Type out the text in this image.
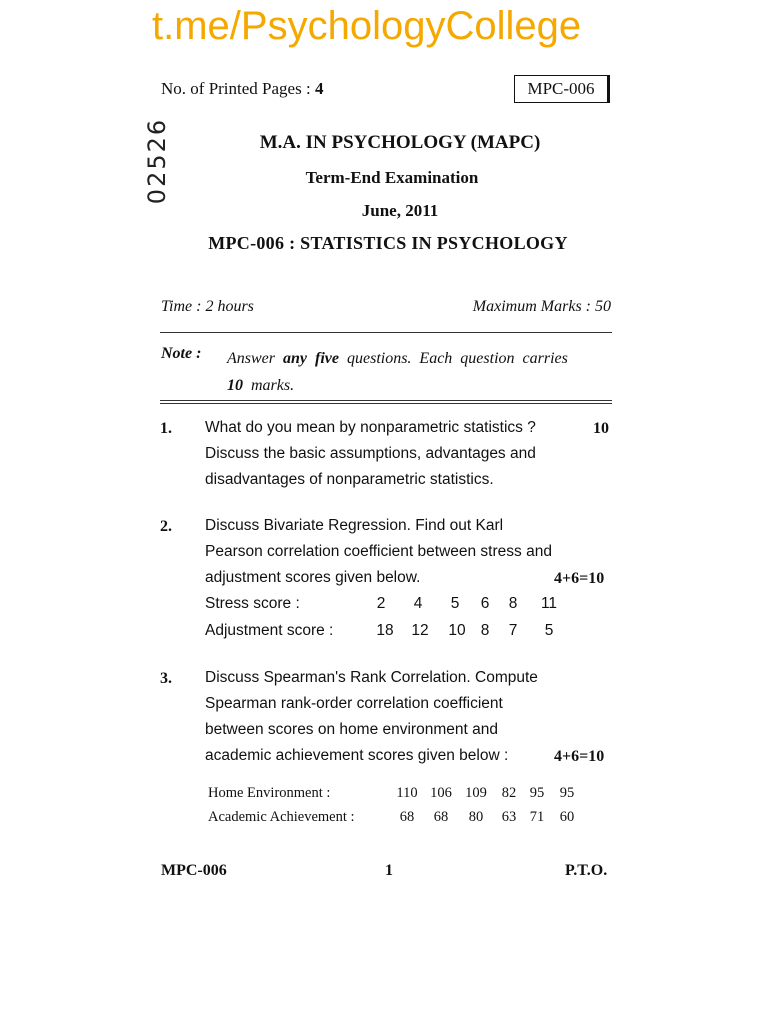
t.me/PsychologyCollege
No. of Printed Pages : 4	MPC-006
02526	M.A. IN PSYCHOLOGY (MAPC)
Term-End Examination
June, 2011
MPC-006 : STATISTICS IN PSYCHOLOGY
Time : 2 hours	Maximum Marks : 50
Note : Answer any five questions. Each question carries
10 marks.
1. What do you mean by nonparametric statistics ?
Discuss the basic assumptions, advantages and
disadvantages of nonparametric statistics.
10
2. Discuss Bivariate Regression. Find out Karl
Pearson correlation coefficient between stress and
adjustment scores given below.	4+6=10
Stress score :	2	4	5	6	8	11
Adjustment score :	18	12	10 8	7	5
3. Discuss Spearman's Rank Correlation. Compute
Spearman rank-order correlation coefficient
between scores on home environment and
academic achievement scores given below :	4+6=10
Home Environment :	110 106 109	82 95	95
Academic Achievement :	68	68	80	63 71	60
MPC-006	1	P.T.O.
